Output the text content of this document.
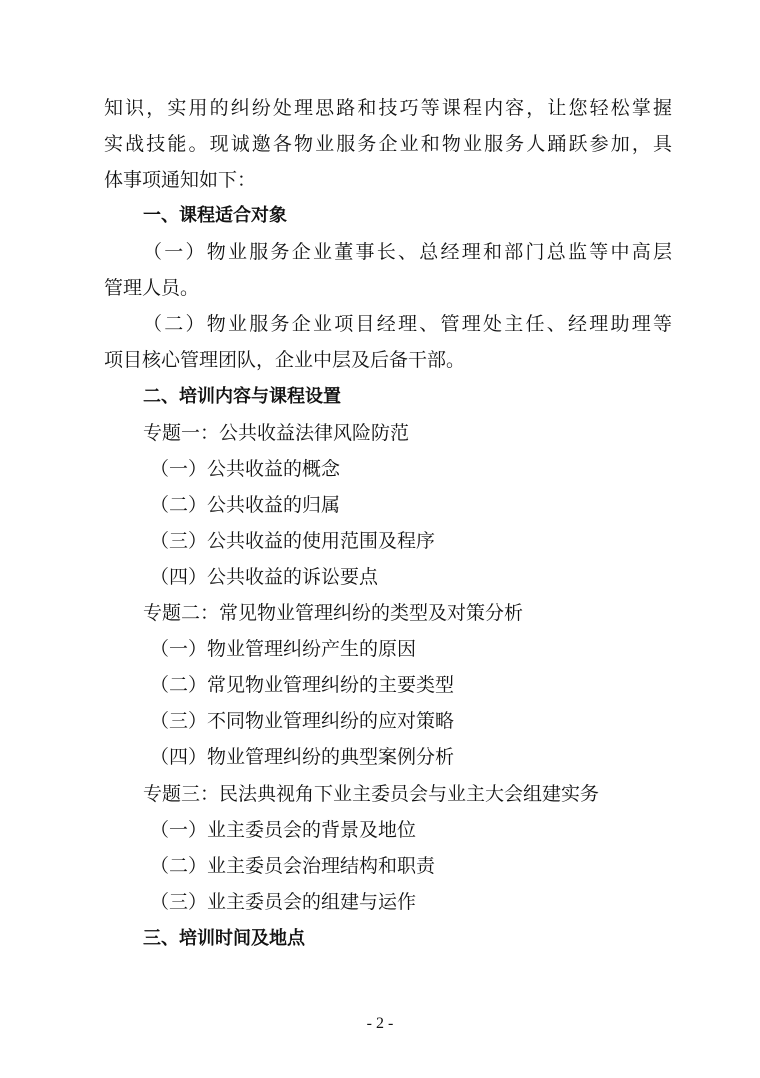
知识，实用的纠纷处理思路和技巧等课程内容，让您轻松掌握
实战技能。现诚邀各物业服务企业和物业服务人踊跃参加，具
体事项通知如下：
一、课程适合对象
（一）物业服务企业董事长、总经理和部门总监等中高层
管理人员。
（二）物业服务企业项目经理、管理处主任、经理助理等
项目核心管理团队，企业中层及后备干部。
二、培训内容与课程设置
专题一：公共收益法律风险防范
（一）公共收益的概念
（二）公共收益的归属
（三）公共收益的使用范围及程序
（四）公共收益的诉讼要点
专题二：常见物业管理纠纷的类型及对策分析
（一）物业管理纠纷产生的原因
（二）常见物业管理纠纷的主要类型
（三）不同物业管理纠纷的应对策略
（四）物业管理纠纷的典型案例分析
专题三：民法典视角下业主委员会与业主大会组建实务
（一）业主委员会的背景及地位
（二）业主委员会治理结构和职责
（三）业主委员会的组建与运作
三、培训时间及地点
- 2 -
